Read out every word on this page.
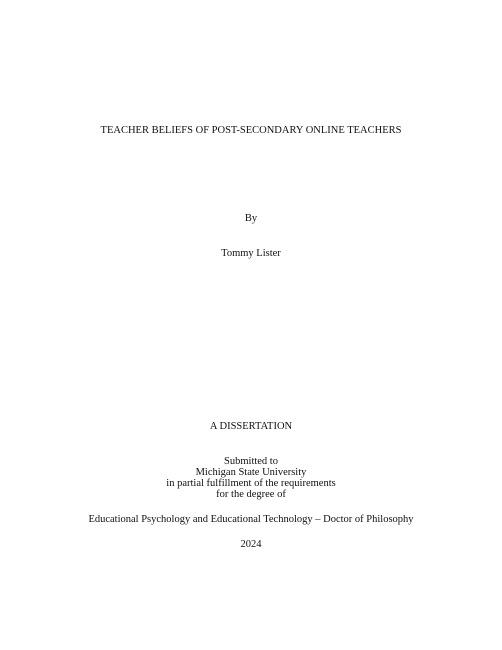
TEACHER BELIEFS OF POST-SECONDARY ONLINE TEACHERS
By
Tommy Lister
A DISSERTATION
Submitted to
Michigan State University
in partial fulfillment of the requirements
for the degree of
Educational Psychology and Educational Technology – Doctor of Philosophy
2024
